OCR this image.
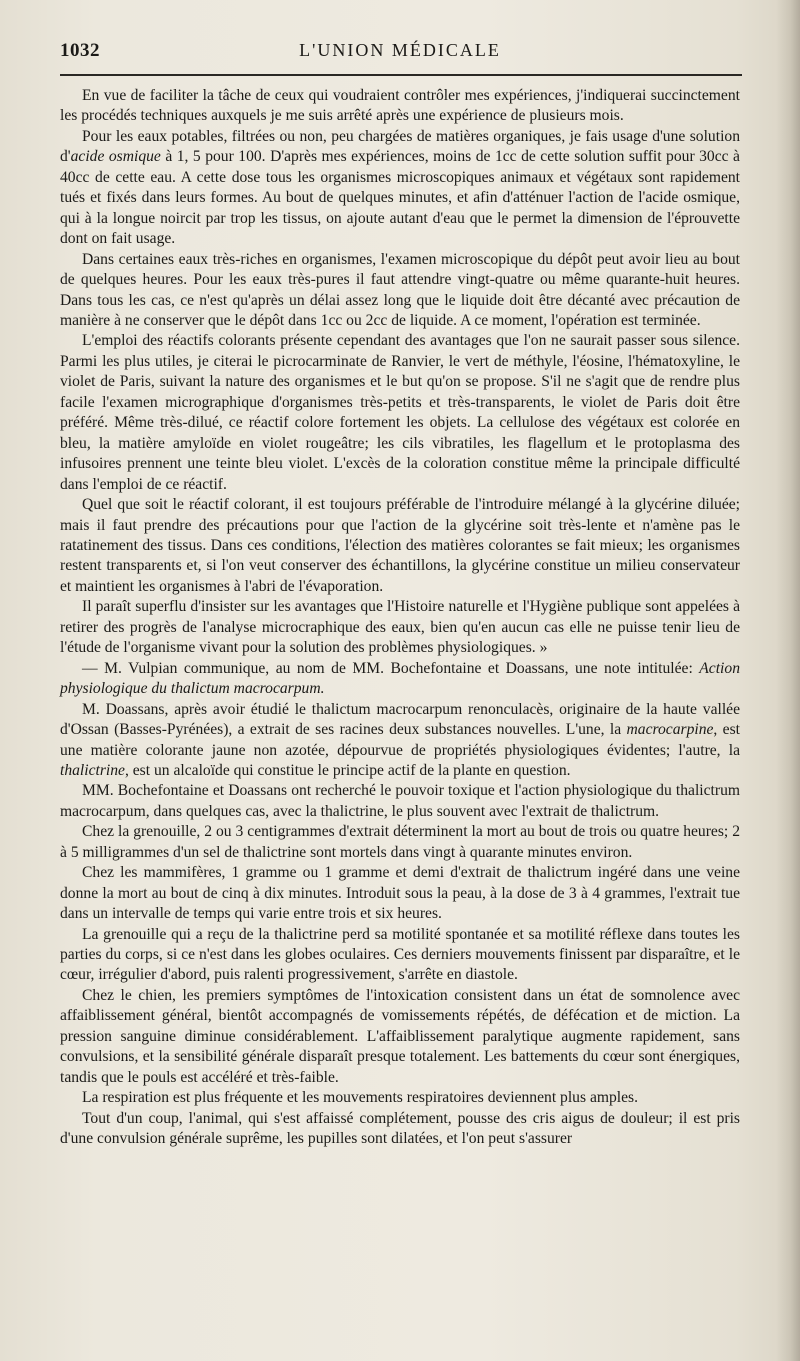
1032	L'UNION MÉDICALE

En vue de faciliter la tâche de ceux qui voudraient contrôler mes expériences, j'indiquerai succinctement les procédés techniques auxquels je me suis arrêté après une expérience de plusieurs mois.

Pour les eaux potables, filtrées ou non, peu chargées de matières organiques, je fais usage d'une solution d'acide osmique à 1, 5 pour 100. D'après mes expériences, moins de 1cc de cette solution suffit pour 30cc à 40cc de cette eau. A cette dose tous les organismes microscopiques animaux et végétaux sont rapidement tués et fixés dans leurs formes. Au bout de quelques minutes, et afin d'atténuer l'action de l'acide osmique, qui à la longue noircit par trop les tissus, on ajoute autant d'eau que le permet la dimension de l'éprouvette dont on fait usage.

Dans certaines eaux très-riches en organismes, l'examen microscopique du dépôt peut avoir lieu au bout de quelques heures. Pour les eaux très-pures il faut attendre vingt-quatre ou même quarante-huit heures. Dans tous les cas, ce n'est qu'après un délai assez long que le liquide doit être décanté avec précaution de manière à ne conserver que le dépôt dans 1cc ou 2cc de liquide. A ce moment, l'opération est terminée.

L'emploi des réactifs colorants présente cependant des avantages que l'on ne saurait passer sous silence. Parmi les plus utiles, je citerai le picrocarminate de Ranvier, le vert de méthyle, l'éosine, l'hématoxyline, le violet de Paris, suivant la nature des organismes et le but qu'on se propose. S'il ne s'agit que de rendre plus facile l'examen micrographique d'organismes très-petits et très-transparents, le violet de Paris doit être préféré. Même très-dilué, ce réactif colore fortement les objets. La cellulose des végétaux est colorée en bleu, la matière amyloïde en violet rougeâtre; les cils vibratiles, les flagellum et le protoplasma des infusoires prennent une teinte bleu violet. L'excès de la coloration constitue même la principale difficulté dans l'emploi de ce réactif.

Quel que soit le réactif colorant, il est toujours préférable de l'introduire mélangé à la glycérine diluée; mais il faut prendre des précautions pour que l'action de la glycérine soit très-lente et n'amène pas le ratatinement des tissus. Dans ces conditions, l'élection des matières colorantes se fait mieux; les organismes restent transparents et, si l'on veut conserver des échantillons, la glycérine constitue un milieu conservateur et maintient les organismes à l'abri de l'évaporation.

Il paraît superflu d'insister sur les avantages que l'Histoire naturelle et l'Hygiène publique sont appelées à retirer des progrès de l'analyse microcraphique des eaux, bien qu'en aucun cas elle ne puisse tenir lieu de l'étude de l'organisme vivant pour la solution des problèmes physiologiques. »

— M. Vulpian communique, au nom de MM. Bochefontaine et Doassans, une note intitulée: Action physiologique du thalictum macrocarpum.

M. Doassans, après avoir étudié le thalictum macrocarpum renonculacès, originaire de la haute vallée d'Ossan (Basses-Pyrénées), a extrait de ses racines deux substances nouvelles. L'une, la macrocarpine, est une matière colorante jaune non azotée, dépourvue de propriétés physiologiques évidentes; l'autre, la thalictrine, est un alcaloïde qui constitue le principe actif de la plante en question.

MM. Bochefontaine et Doassans ont recherché le pouvoir toxique et l'action physiologique du thalictrum macrocarpum, dans quelques cas, avec la thalictrine, le plus souvent avec l'extrait de thalictrum.

Chez la grenouille, 2 ou 3 centigrammes d'extrait déterminent la mort au bout de trois ou quatre heures; 2 à 5 milligrammes d'un sel de thalictrine sont mortels dans vingt à quarante minutes environ.

Chez les mammifères, 1 gramme ou 1 gramme et demi d'extrait de thalictrum ingéré dans une veine donne la mort au bout de cinq à dix minutes. Introduit sous la peau, à la dose de 3 à 4 grammes, l'extrait tue dans un intervalle de temps qui varie entre trois et six heures.

La grenouille qui a reçu de la thalictrine perd sa motilité spontanée et sa motilité réflexe dans toutes les parties du corps, si ce n'est dans les globes oculaires. Ces derniers mouvements finissent par disparaître, et le cœur, irrégulier d'abord, puis ralenti progressivement, s'arrête en diastole.

Chez le chien, les premiers symptômes de l'intoxication consistent dans un état de somnolence avec affaiblissement général, bientôt accompagnés de vomissements répétés, de défécation et de miction. La pression sanguine diminue considérablement. L'affaiblissement paralytique augmente rapidement, sans convulsions, et la sensibilité générale disparaît presque totalement. Les battements du cœur sont énergiques, tandis que le pouls est accéléré et très-faible.

La respiration est plus fréquente et les mouvements respiratoires deviennent plus amples.

Tout d'un coup, l'animal, qui s'est affaissé complétement, pousse des cris aigus de douleur; il est pris d'une convulsion générale suprême, les pupilles sont dilatées, et l'on peut s'assurer
